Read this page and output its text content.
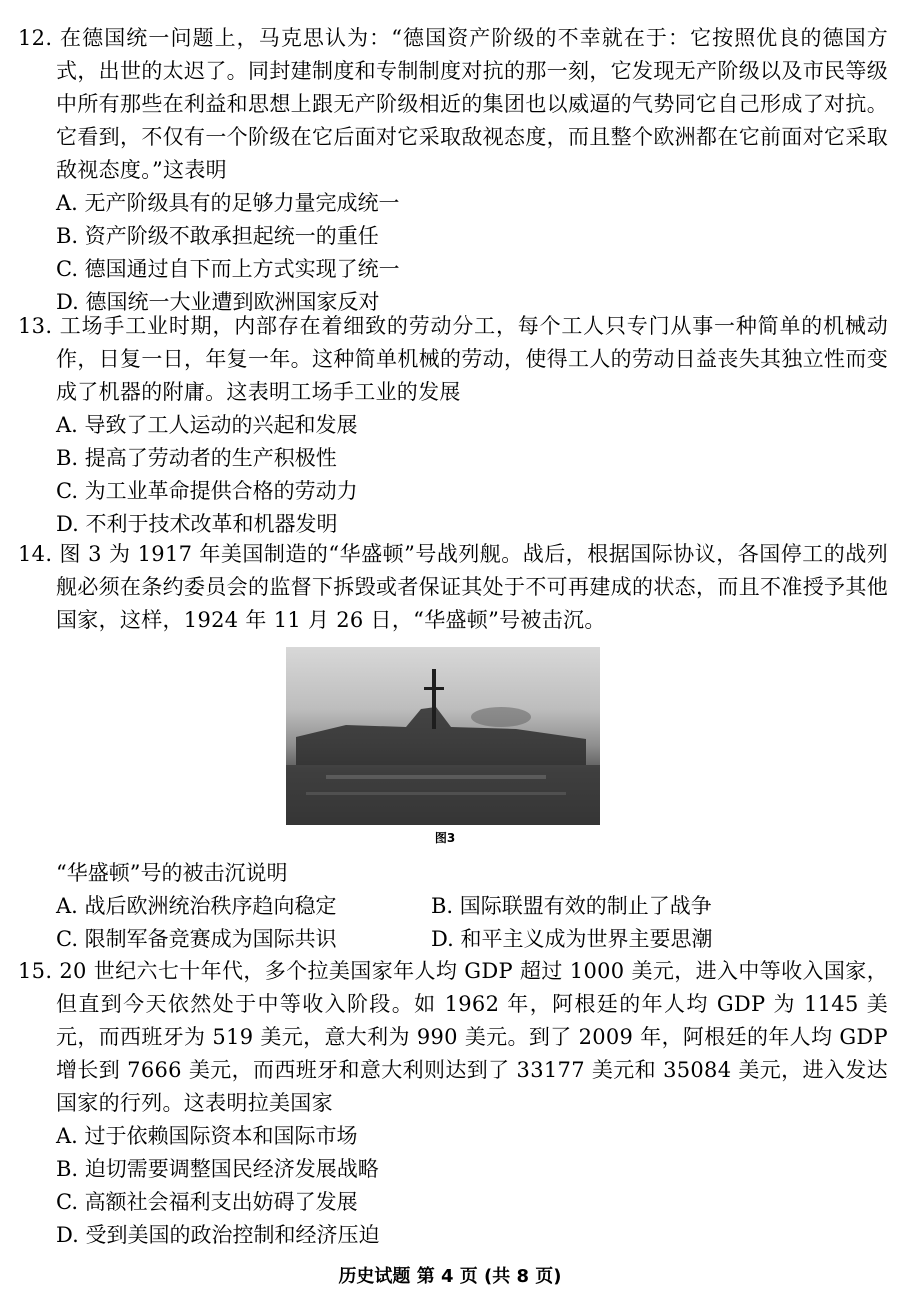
12. 在德国统一问题上，马克思认为：“德国资产阶级的不幸就在于：它按照优良的德国方式，出世的太迟了。同封建制度和专制制度对抗的那一刻，它发现无产阶级以及市民等级中所有那些在利益和思想上跟无产阶级相近的集团也以威逼的气势同它自己形成了对抗。它看到，不仅有一个阶级在它后面对它采取敌视态度，而且整个欧洲都在它前面对它采取敌视态度。”这表明

A. 无产阶级具有的足够力量完成统一

B. 资产阶级不敢承担起统一的重任

C. 德国通过自下而上方式实现了统一

D. 德国统一大业遭到欧洲国家反对

13. 工场手工业时期，内部存在着细致的劳动分工，每个工人只专门从事一种简单的机械动作，日复一日，年复一年。这种简单机械的劳动，使得工人的劳动日益丧失其独立性而变成了机器的附庸。这表明工场手工业的发展

A. 导致了工人运动的兴起和发展

B. 提高了劳动者的生产积极性

C. 为工业革命提供合格的劳动力

D. 不利于技术改革和机器发明

14. 图 3 为 1917 年美国制造的“华盛顿”号战列舰。战后，根据国际协议，各国停工的战列舰必须在条约委员会的监督下拆毁或者保证其处于不可再建成的状态，而且不准授予其他国家，这样，1924 年 11 月 26 日，“华盛顿”号被击沉。

图3

“华盛顿”号的被击沉说明

A. 战后欧洲统治秩序趋向稳定	B. 国际联盟有效的制止了战争

C. 限制军备竞赛成为国际共识	D. 和平主义成为世界主要思潮

15. 20 世纪六七十年代，多个拉美国家年人均 GDP 超过 1000 美元，进入中等收入国家，但直到今天依然处于中等收入阶段。如 1962 年，阿根廷的年人均 GDP 为 1145 美元，而西班牙为 519 美元，意大利为 990 美元。到了 2009 年，阿根廷的年人均 GDP 增长到 7666 美元，而西班牙和意大利则达到了 33177 美元和 35084 美元，进入发达国家的行列。这表明拉美国家

A. 过于依赖国际资本和国际市场

B. 迫切需要调整国民经济发展战略

C. 高额社会福利支出妨碍了发展

D. 受到美国的政治控制和经济压迫

历史试题 第 4 页 (共 8 页)
